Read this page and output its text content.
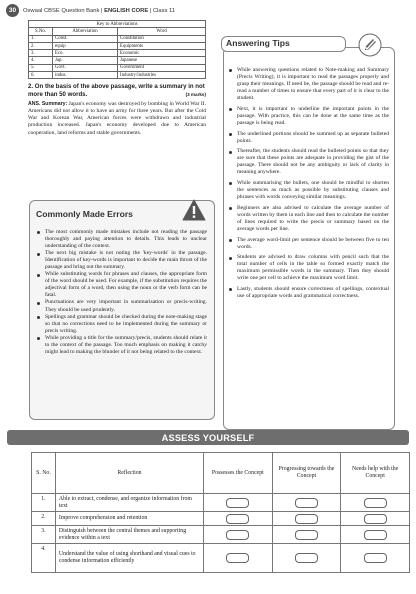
30	Oswaal CBSE Question Bank | ENGLISH CORE | Class 11
Key to Abbreviations		
S.No.	Abbreviation	Word
1.	Const.	Constitution
2.	equip	Equipments
3.	Eco.	Economic
4.	Jap.	Japanese
5.	Govt.	Government
6.	indus.	Industry/industries
2. On the basis of the above passage, write a summary in not more than 50 words.	(3 marks)
ANS. Summary: Japan's economy was destroyed by bombing in World War II. Americans did not allow it to have an army for three years. But after the Cold War and Korean War, American forces were withdrawn and industrial production increased. Japan's economy developed due to American cooperation, land reforms and stable governments.
Commonly Made Errors
The most commonly made mistakes include not reading the passage thoroughly and paying attention to details. This leads to unclear understanding of the context.
The next big mistake is not noting the 'key-words' in the passage. Identification of key-words is important to decide the main thrust of the passage and bring out the summary.
While substituting words for phrases and clauses, the appropriate form of the word should be used. For example, if the substitution requires the adjectival form of a word, then using the noun or the verb form can be fatal.
Punctuations are very important in summarisation or precis-writing. They should be used prudently.
Spellings and grammar should be checked during the note-making stage so that no corrections need to be implemented during the summary or precis writing.
While providing a title for the summary/precis, students should relate it to the context of the passage. Too much emphasis on making it catchy might lead to making the blunder of it not being related to the context.
Answering Tips
While answering questions related to Note-making and Summary (Precis Writing), it is important to read the passages properly and grasp their meanings. If need be, the passage should be read and re-read a number of times to ensure that every part of it is clear to the student.
Next, it is important to underline the important points in the passage. With practice, this can be done at the same time as the passage is being read.
The underlined portions should be summed up as separate bulleted points.
Thereafter, the students should read the bulleted points so that they are sure that these points are adequate in providing the gist of the passage. There should not be any ambiguity or lack of clarity in meaning anywhere.
While summarising the bullets, one should be mindful to shorten the sentences as much as possible by substituting clauses and phrases with words conveying similar meanings.
Beginners are also advised to calculate the average number of words written by them in each line and then to calculate the number of lines required to write the precis or summary based on the average words per line.
The average word-limit per sentence should be between five to ten words.
Students are advised to draw columns with pencil such that the total number of cells in the table so formed exactly match the maximum permissible words in the summary. Then they should write one per cell to achieve the maximum word limit.
Lastly, students should ensure correctness of spellings, contextual use of appropriate words and grammatical correctness.
ASSESS YOURSELF
S. No.	Reflection	Possesses the Concept	Progressing towards the Concept	Needs help with the Concept
1.	Able to extract, condense, and organize information from text			
2.	Improve comprehension and retention			
3.	Distinguish between the central themes and supporting evidence within a text			
4.	Understand the value of using shorthand and visual cues to condense information efficiently			
